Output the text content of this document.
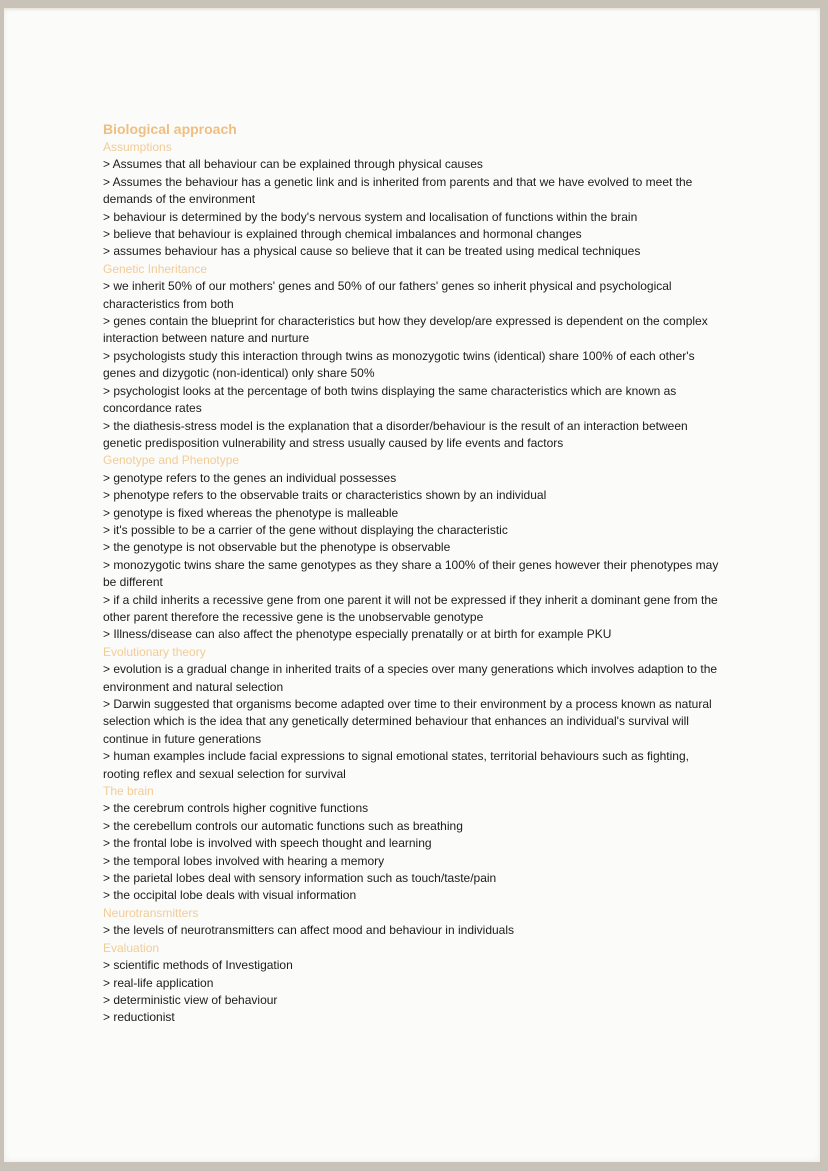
Biological approach
Assumptions

> Assumes that all behaviour can be explained through physical causes

> Assumes the behaviour has a genetic link and is inherited from parents and that we have evolved to meet the demands of the environment

> behaviour is determined by the body's nervous system and localisation of functions within the brain

> believe that behaviour is explained through chemical imbalances and hormonal changes

> assumes behaviour has a physical cause so believe that it can be treated using medical techniques

Genetic Inheritance

> we inherit 50% of our mothers' genes and 50% of our fathers' genes so inherit physical and psychological characteristics from both

> genes contain the blueprint for characteristics but how they develop/are expressed is dependent on the complex interaction between nature and nurture

> psychologists study this interaction through twins as monozygotic twins (identical) share 100% of each other's genes and dizygotic (non-identical) only share 50%

> psychologist looks at the percentage of both twins displaying the same characteristics which are known as concordance rates

> the diathesis-stress model is the explanation that a disorder/behaviour is the result of an interaction between genetic predisposition vulnerability and stress usually caused by life events and factors

Genotype and Phenotype

> genotype refers to the genes an individual possesses

> phenotype refers to the observable traits or characteristics shown by an individual

> genotype is fixed whereas the phenotype is malleable

> it's possible to be a carrier of the gene without displaying the characteristic

> the genotype is not observable but the phenotype is observable

> monozygotic twins share the same genotypes as they share a 100% of their genes however their phenotypes may be different

> if a child inherits a recessive gene from one parent it will not be expressed if they inherit a dominant gene from the other parent therefore the recessive gene is the unobservable genotype

> Illness/disease can also affect the phenotype especially prenatally or at birth for example PKU

Evolutionary theory

> evolution is a gradual change in inherited traits of a species over many generations which involves adaption to the environment and natural selection

> Darwin suggested that organisms become adapted over time to their environment by a process known as natural selection which is the idea that any genetically determined behaviour that enhances an individual's survival will continue in future generations

> human examples include facial expressions to signal emotional states, territorial behaviours such as fighting, rooting reflex and sexual selection for survival

The brain

> the cerebrum controls higher cognitive functions

> the cerebellum controls our automatic functions such as breathing

> the frontal lobe is involved with speech thought and learning

> the temporal lobes involved with hearing a memory

> the parietal lobes deal with sensory information such as touch/taste/pain

> the occipital lobe deals with visual information

Neurotransmitters

> the levels of neurotransmitters can affect mood and behaviour in individuals

Evaluation

> scientific methods of Investigation

> real-life application

> deterministic view of behaviour

> reductionist
